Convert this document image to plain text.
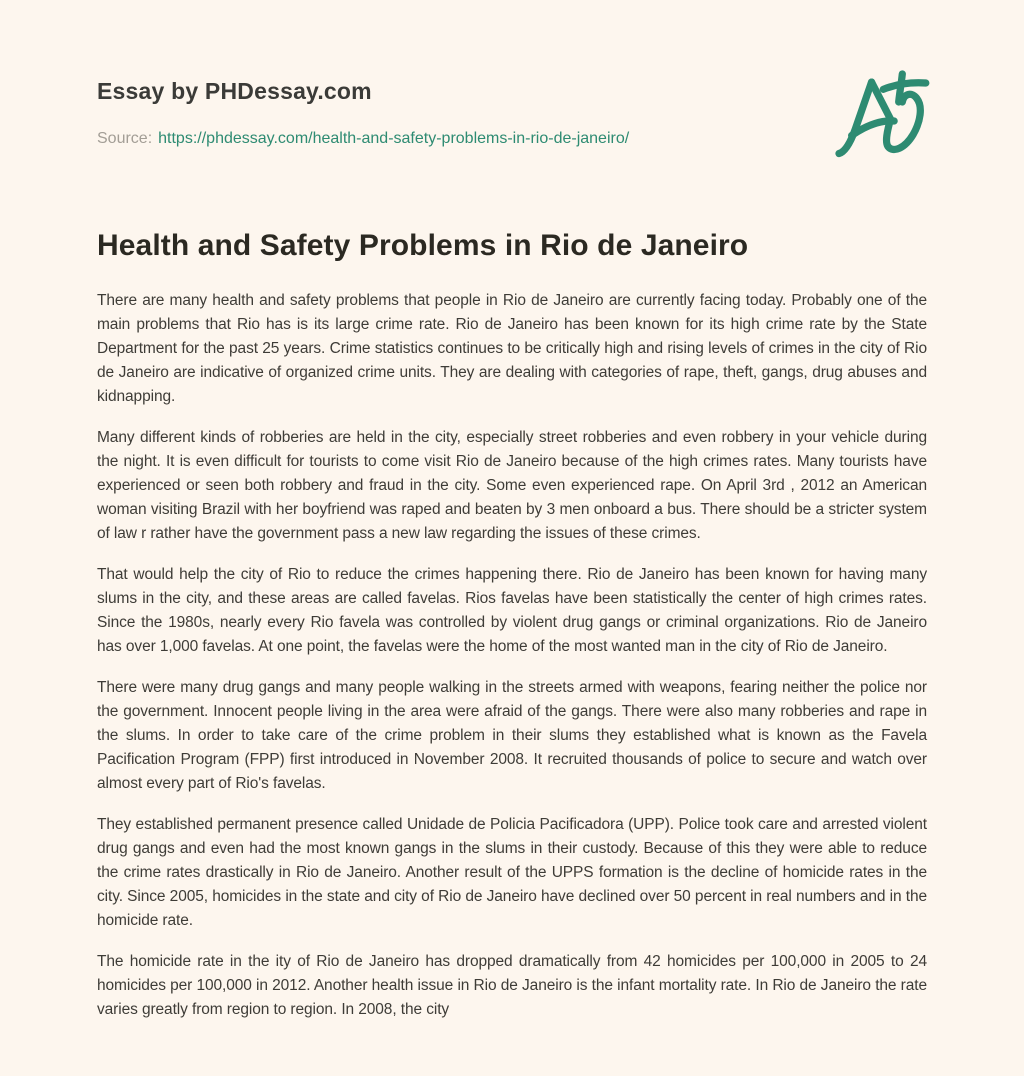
Essay by PHDessay.com
Source: https://phdessay.com/health-and-safety-problems-in-rio-de-janeiro/
Health and Safety Problems in Rio de Janeiro

There are many health and safety problems that people in Rio de Janeiro are currently facing today. Probably one of the main problems that Rio has is its large crime rate. Rio de Janeiro has been known for its high crime rate by the State Department for the past 25 years. Crime statistics continues to be critically high and rising levels of crimes in the city of Rio de Janeiro are indicative of organized crime units. They are dealing with categories of rape, theft, gangs, drug abuses and kidnapping.

Many different kinds of robberies are held in the city, especially street robberies and even robbery in your vehicle during the night. It is even difficult for tourists to come visit Rio de Janeiro because of the high crimes rates. Many tourists have experienced or seen both robbery and fraud in the city. Some even experienced rape. On April 3rd , 2012 an American woman visiting Brazil with her boyfriend was raped and beaten by 3 men onboard a bus. There should be a stricter system of law r rather have the government pass a new law regarding the issues of these crimes.

That would help the city of Rio to reduce the crimes happening there. Rio de Janeiro has been known for having many slums in the city, and these areas are called favelas. Rios favelas have been statistically the center of high crimes rates. Since the 1980s, nearly every Rio favela was controlled by violent drug gangs or criminal organizations. Rio de Janeiro has over 1,000 favelas. At one point, the favelas were the home of the most wanted man in the city of Rio de Janeiro.

There were many drug gangs and many people walking in the streets armed with weapons, fearing neither the police nor the government. Innocent people living in the area were afraid of the gangs. There were also many robberies and rape in the slums. In order to take care of the crime problem in their slums they established what is known as the Favela Pacification Program (FPP) first introduced in November 2008. It recruited thousands of police to secure and watch over almost every part of Rio's favelas.

They established permanent presence called Unidade de Policia Pacificadora (UPP). Police took care and arrested violent drug gangs and even had the most known gangs in the slums in their custody. Because of this they were able to reduce the crime rates drastically in Rio de Janeiro. Another result of the UPPS formation is the decline of homicide rates in the city. Since 2005, homicides in the state and city of Rio de Janeiro have declined over 50 percent in real numbers and in the homicide rate.

The homicide rate in the ity of Rio de Janeiro has dropped dramatically from 42 homicides per 100,000 in 2005 to 24 homicides per 100,000 in 2012. Another health issue in Rio de Janeiro is the infant mortality rate. In Rio de Janeiro the rate varies greatly from region to region. In 2008, the city
